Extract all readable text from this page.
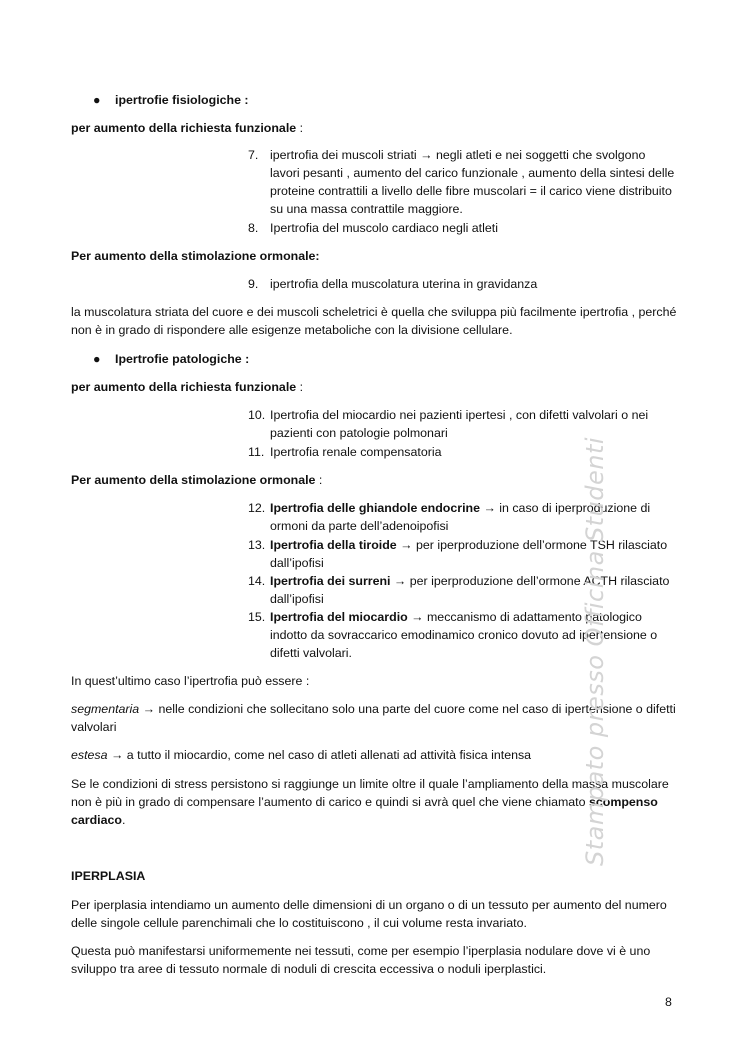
●	ipertrofie fisiologiche :

per aumento della richiesta funzionale :

7. ipertrofia dei muscoli striati → negli atleti e nei soggetti che svolgono lavori pesanti , aumento del carico funzionale , aumento della sintesi delle proteine contrattili a livello delle fibre muscolari = il carico viene distribuito su una massa contrattile maggiore.
8. Ipertrofia del muscolo cardiaco negli atleti

Per aumento della stimolazione ormonale:

9. ipertrofia della muscolatura uterina in gravidanza

la muscolatura striata del cuore e dei muscoli scheletrici è quella che sviluppa più facilmente ipertrofia , perché non è in grado di rispondere alle esigenze metaboliche con la divisione cellulare.

●	Ipertrofie patologiche :

per aumento della richiesta funzionale :

10. Ipertrofia del miocardio nei pazienti ipertesi , con difetti valvolari o nei pazienti con patologie polmonari
11. Ipertrofia renale compensatoria

Per aumento della stimolazione ormonale :

12. Ipertrofia delle ghiandole endocrine → in caso di iperproduzione di ormoni da parte dell’adenoipofisi
13. Ipertrofia della tiroide → per iperproduzione dell’ormone TSH rilasciato dall’ipofisi
14. Ipertrofia dei surreni → per iperproduzione dell’ormone ACTH rilasciato dall’ipofisi
15. Ipertrofia del miocardio → meccanismo di adattamento patologico indotto da sovraccarico emodinamico cronico dovuto ad ipertensione o difetti valvolari.

In quest’ultimo caso l’ipertrofia può essere :

segmentaria → nelle condizioni che sollecitano solo una parte del cuore come nel caso di ipertensione o difetti valvolari

estesa → a tutto il miocardio, come nel caso di atleti allenati ad attività fisica intensa

Se le condizioni di stress persistono si raggiunge un limite oltre il quale l’ampliamento della massa muscolare non è più in grado di compensare l’aumento di carico e quindi si avrà quel che viene chiamato scompenso cardiaco.

IPERPLASIA

Per iperplasia intendiamo un aumento delle dimensioni di un organo o di un tessuto per aumento del numero delle singole cellule parenchimali che lo costituiscono , il cui volume resta invariato.

Questa può manifestarsi uniformemente nei tessuti, come per esempio l’iperplasia nodulare dove vi è uno sviluppo tra aree di tessuto normale di noduli di crescita eccessiva o noduli iperplastici.

8
Stampato presso Officina Studenti
